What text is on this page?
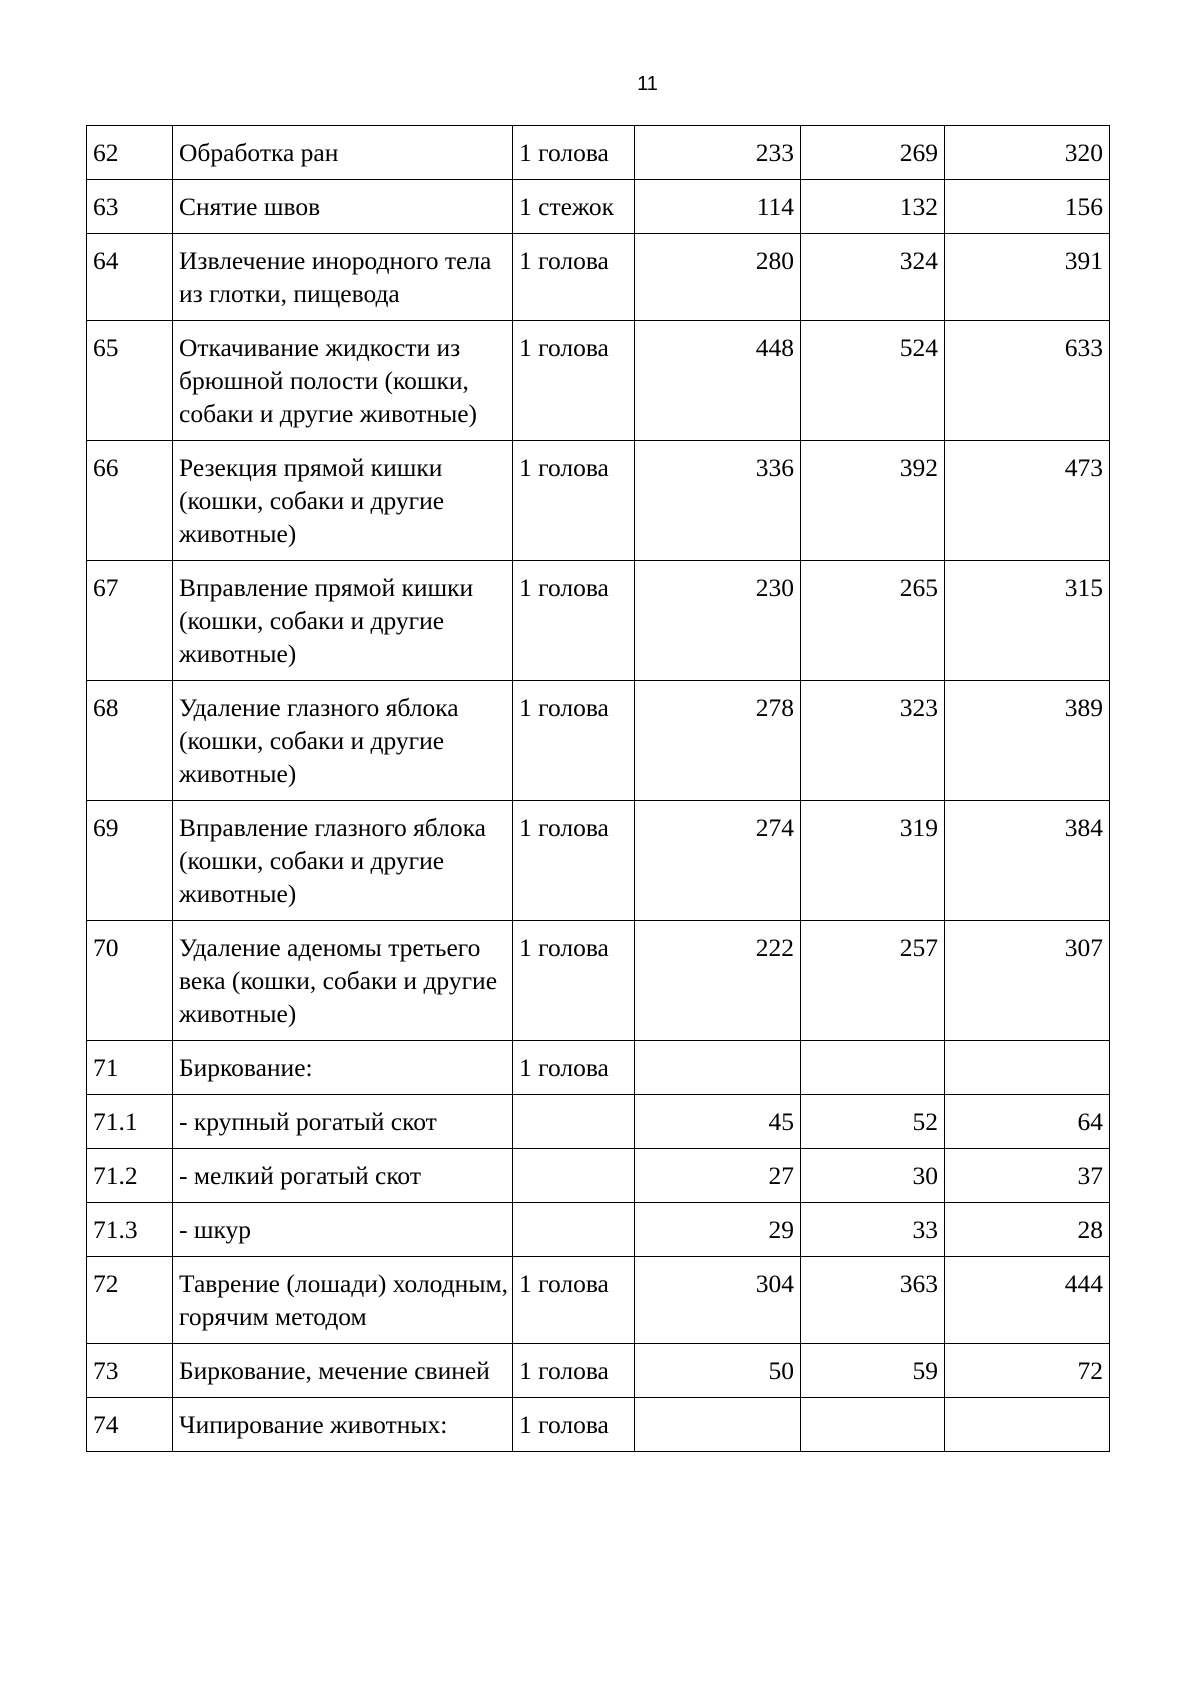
11
62	Обработка ран	1 голова	233	269	320
63	Снятие швов	1 стежок	114	132	156
64	Извлечение инородного тела из глотки, пищевода	1 голова	280	324	391
65	Откачивание жидкости из брюшной полости (кошки, собаки и другие животные)	1 голова	448	524	633
66	Резекция прямой кишки (кошки, собаки и другие животные)	1 голова	336	392	473
67	Вправление прямой кишки (кошки, собаки и другие животные)	1 голова	230	265	315
68	Удаление глазного яблока (кошки, собаки и другие животные)	1 голова	278	323	389
69	Вправление глазного яблока (кошки, собаки и другие животные)	1 голова	274	319	384
70	Удаление аденомы третьего века (кошки, собаки и другие животные)	1 голова	222	257	307
71	Биркование:	1 голова			
71.1	- крупный рогатый скот		45	52	64
71.2	- мелкий рогатый скот		27	30	37
71.3	- шкур		29	33	28
72	Таврение (лошади) холодным, горячим методом	1 голова	304	363	444
73	Биркование, мечение свиней	1 голова	50	59	72
74	Чипирование животных:	1 голова			
